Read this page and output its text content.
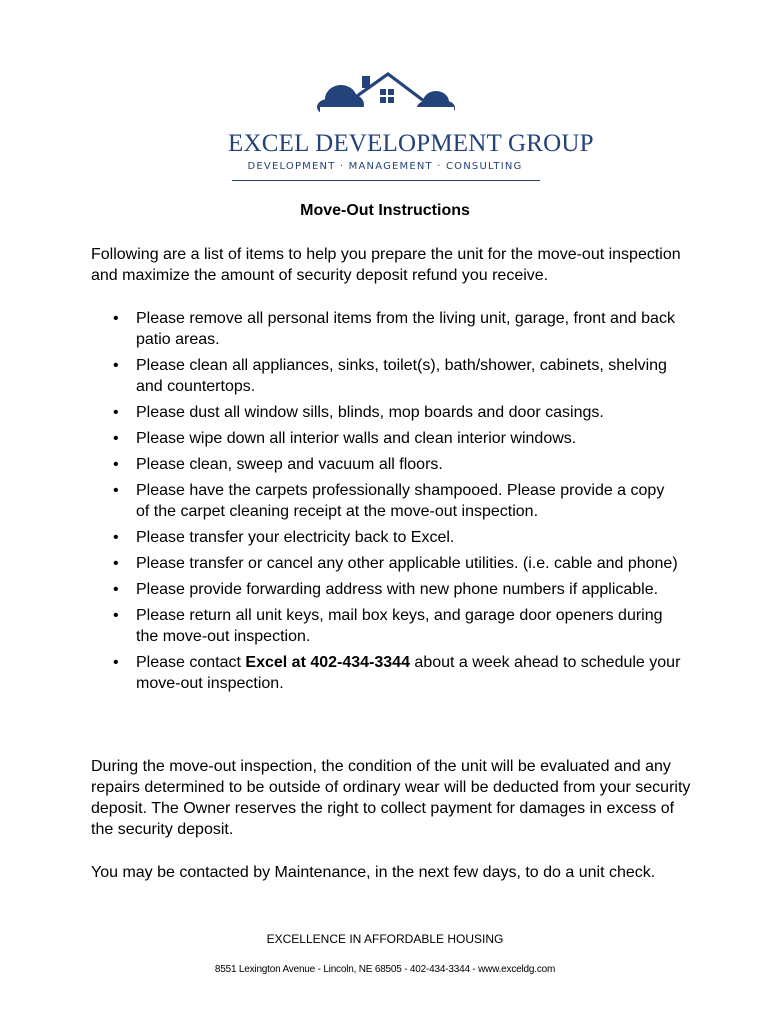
EXCEL DEVELOPMENT GROUP
DEVELOPMENT · MANAGEMENT · CONSULTING
Move-Out Instructions
Following are a list of items to help you prepare the unit for the move-out inspection and maximize the amount of security deposit refund you receive.
• Please remove all personal items from the living unit, garage, front and back patio areas.
• Please clean all appliances, sinks, toilet(s), bath/shower, cabinets, shelving and countertops.
• Please dust all window sills, blinds, mop boards and door casings.
• Please wipe down all interior walls and clean interior windows.
• Please clean, sweep and vacuum all floors.
• Please have the carpets professionally shampooed. Please provide a copy of the carpet cleaning receipt at the move-out inspection.
• Please transfer your electricity back to Excel.
• Please transfer or cancel any other applicable utilities. (i.e. cable and phone)
• Please provide forwarding address with new phone numbers if applicable.
• Please return all unit keys, mail box keys, and garage door openers during the move-out inspection.
• Please contact Excel at 402-434-3344 about a week ahead to schedule your move-out inspection.
During the move-out inspection, the condition of the unit will be evaluated and any repairs determined to be outside of ordinary wear will be deducted from your security deposit. The Owner reserves the right to collect payment for damages in excess of the security deposit.
You may be contacted by Maintenance, in the next few days, to do a unit check.
EXCELLENCE IN AFFORDABLE HOUSING
8551 Lexington Avenue - Lincoln, NE 68505 - 402-434-3344 - www.exceldg.com
